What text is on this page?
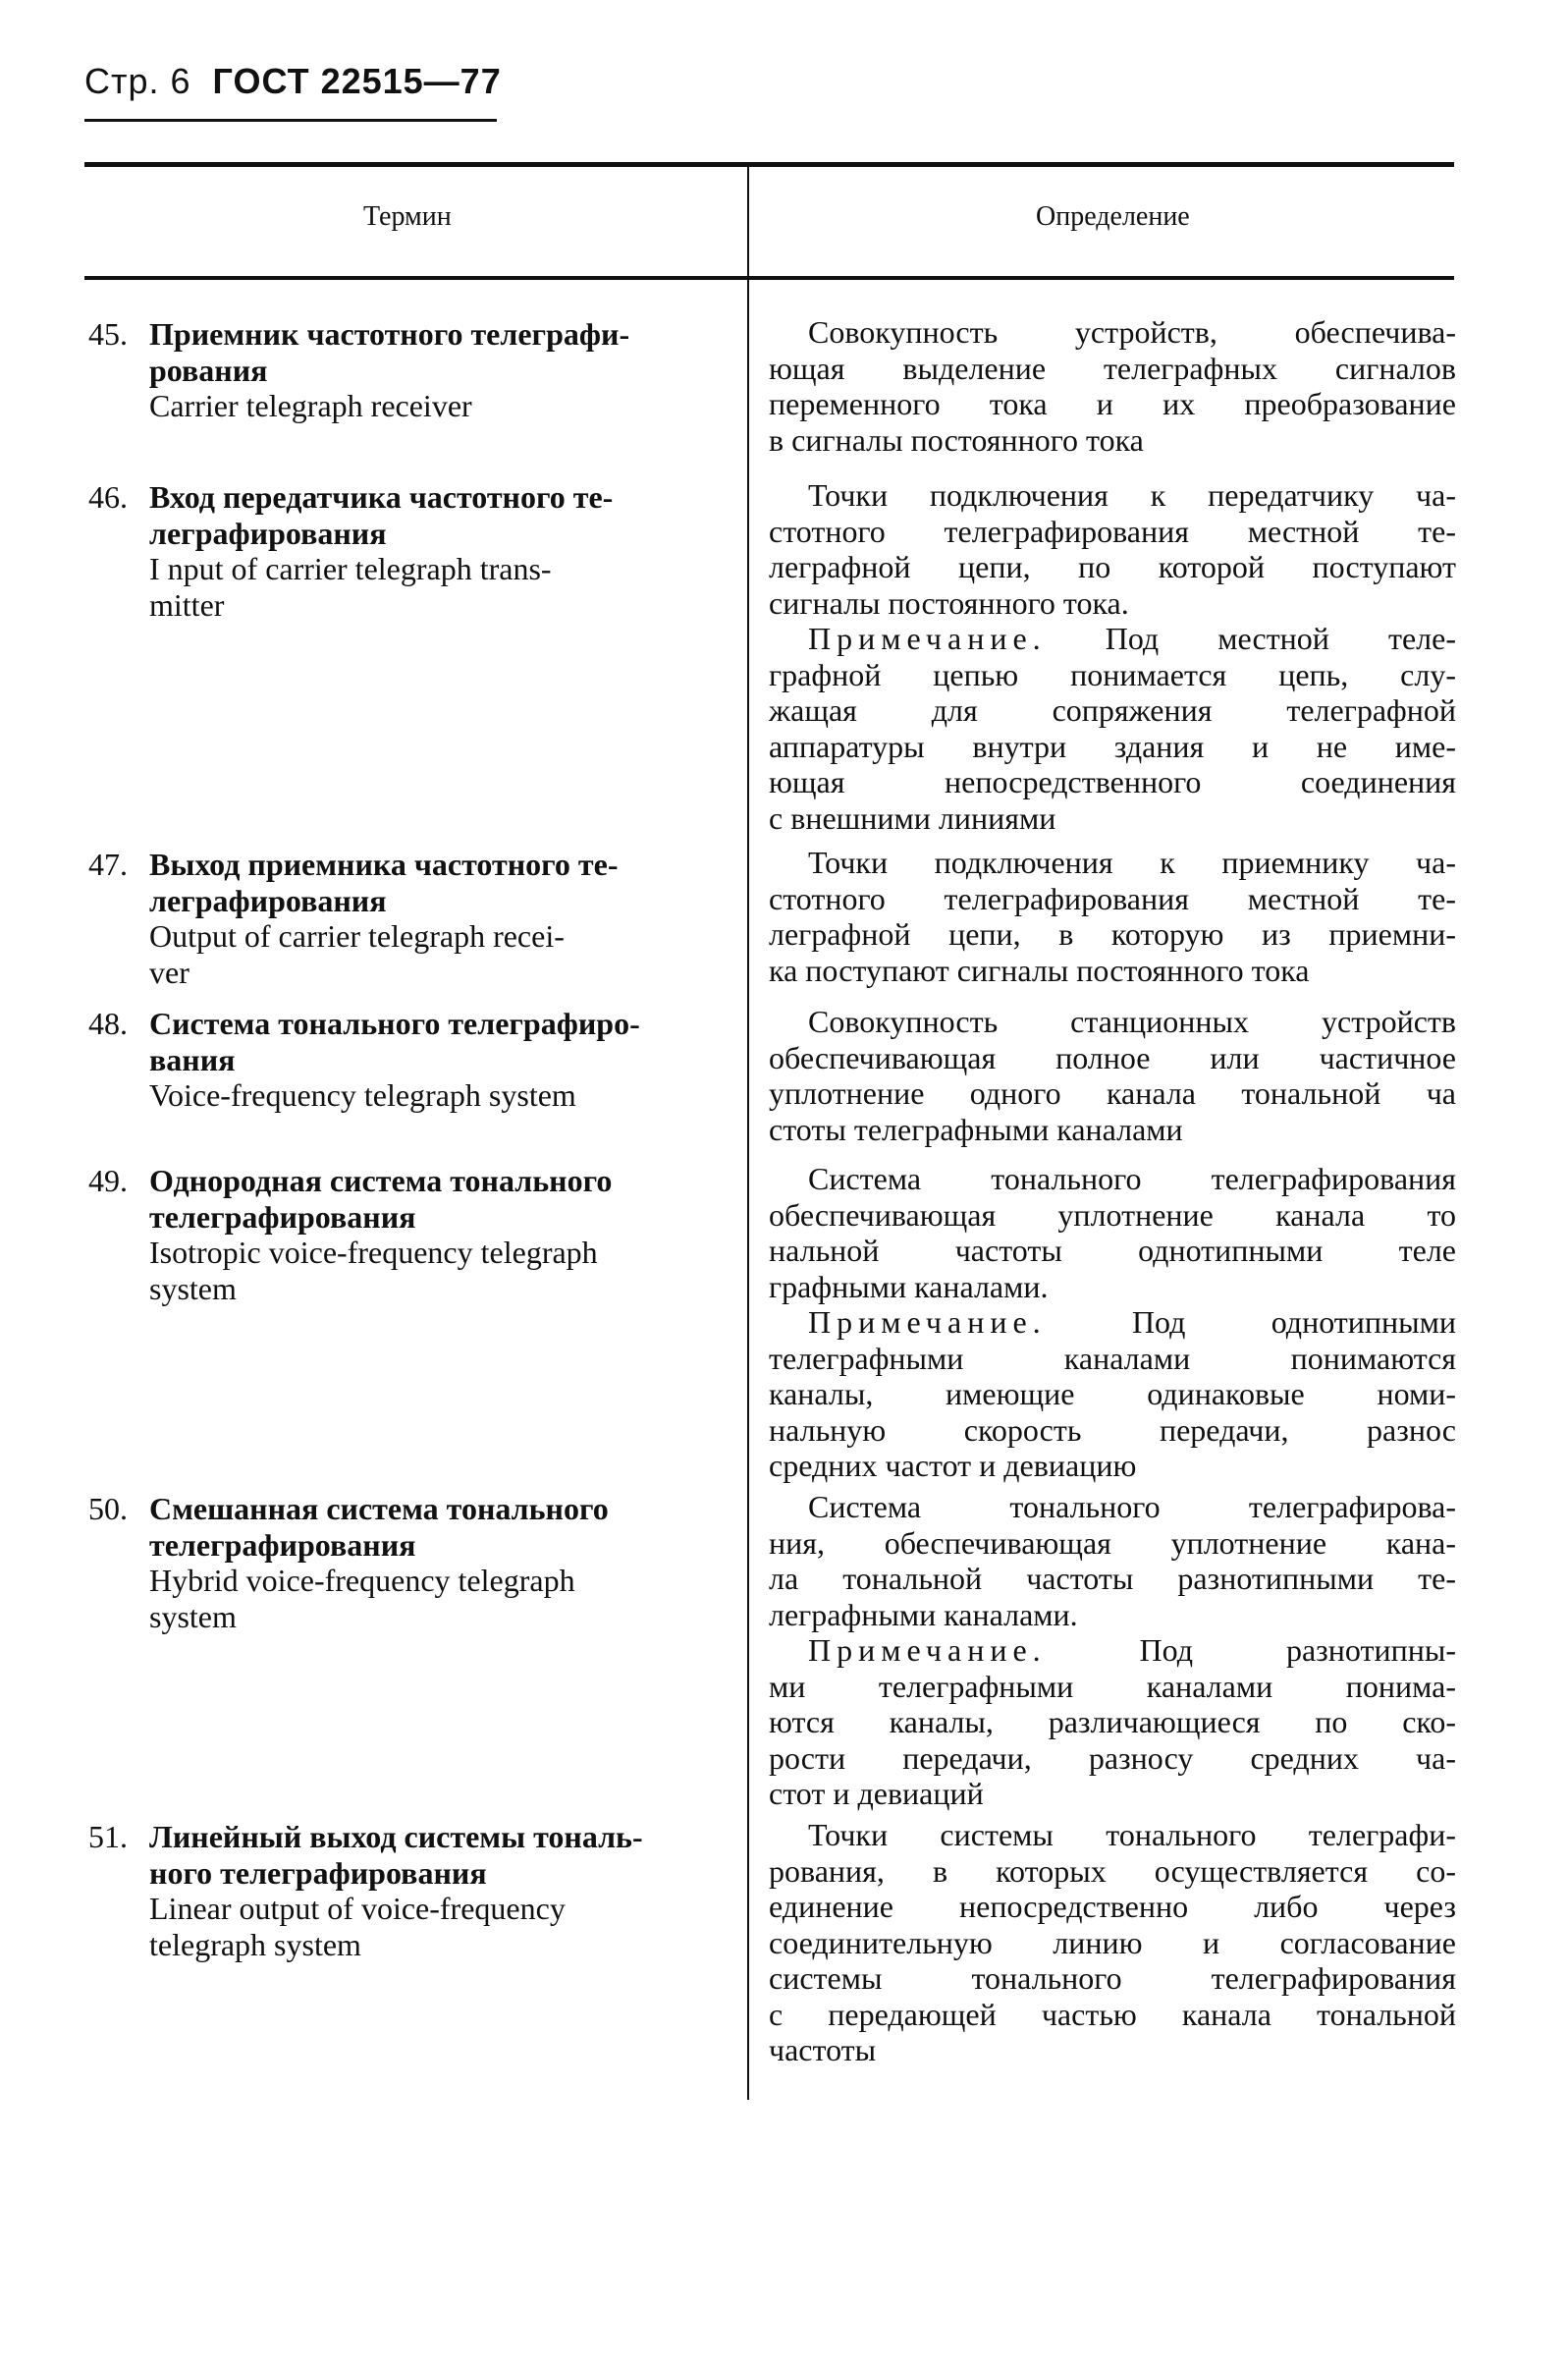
Стр. 6 ГОСТ 22515—77
Термин	Определение
45. Приемник частотного телеграфи-
рования
Carrier telegraph receiver
Совокупность устройств, обеспечива-
ющая выделение телеграфных сигналов
переменного тока и их преобразование
в сигналы постоянного тока
46. Вход передатчика частотного те-
леграфирования
I nput of carrier telegraph trans-
mitter
Точки подключения к передатчику ча-
стотного телеграфирования местной те-
леграфной цепи, по которой поступают
сигналы постоянного тока.
Примечание. Под местной теле-
графной цепью понимается цепь, слу-
жащая для сопряжения телеграфной
аппаратуры внутри здания и не име-
ющая непосредственного соединения
с внешними линиями
47. Выход приемника частотного те-
леграфирования
Output of carrier telegraph recei-
ver
Точки подключения к приемнику ча-
стотного телеграфирования местной те-
леграфной цепи, в которую из приемни-
ка поступают сигналы постоянного тока
48. Система тонального телеграфиро-
вания
Voice-frequency telegraph system
Совокупность станционных устройств
обеспечивающая полное или частичное
уплотнение одного канала тональной ча
стоты телеграфными каналами
49. Однородная система тонального
телеграфирования
Isotropic voice-frequency telegraph
system
Система тонального телеграфирования
обеспечивающая уплотнение канала то
нальной частоты однотипными теле
графными каналами.
Примечание. Под однотипными
телеграфными каналами понимаются
каналы, имеющие одинаковые номи-
нальную скорость передачи, разнос
средних частот и девиацию
50. Смешанная система тонального
телеграфирования
Hybrid voice-frequency telegraph
system
Система тонального телеграфирова-
ния, обеспечивающая уплотнение кана-
ла тональной частоты разнотипными те-
леграфными каналами.
Примечание. Под разнотипны-
ми телеграфными каналами понима-
ются каналы, различающиеся по ско-
рости передачи, разносу средних ча-
стот и девиаций
51. Линейный выход системы тональ-
ного телеграфирования
Linear output of voice-frequency
telegraph system
Точки системы тонального телеграфи-
рования, в которых осуществляется со-
единение непосредственно либо через
соединительную линию и согласование
системы тонального телеграфирования
с передающей частью канала тональной
частоты
